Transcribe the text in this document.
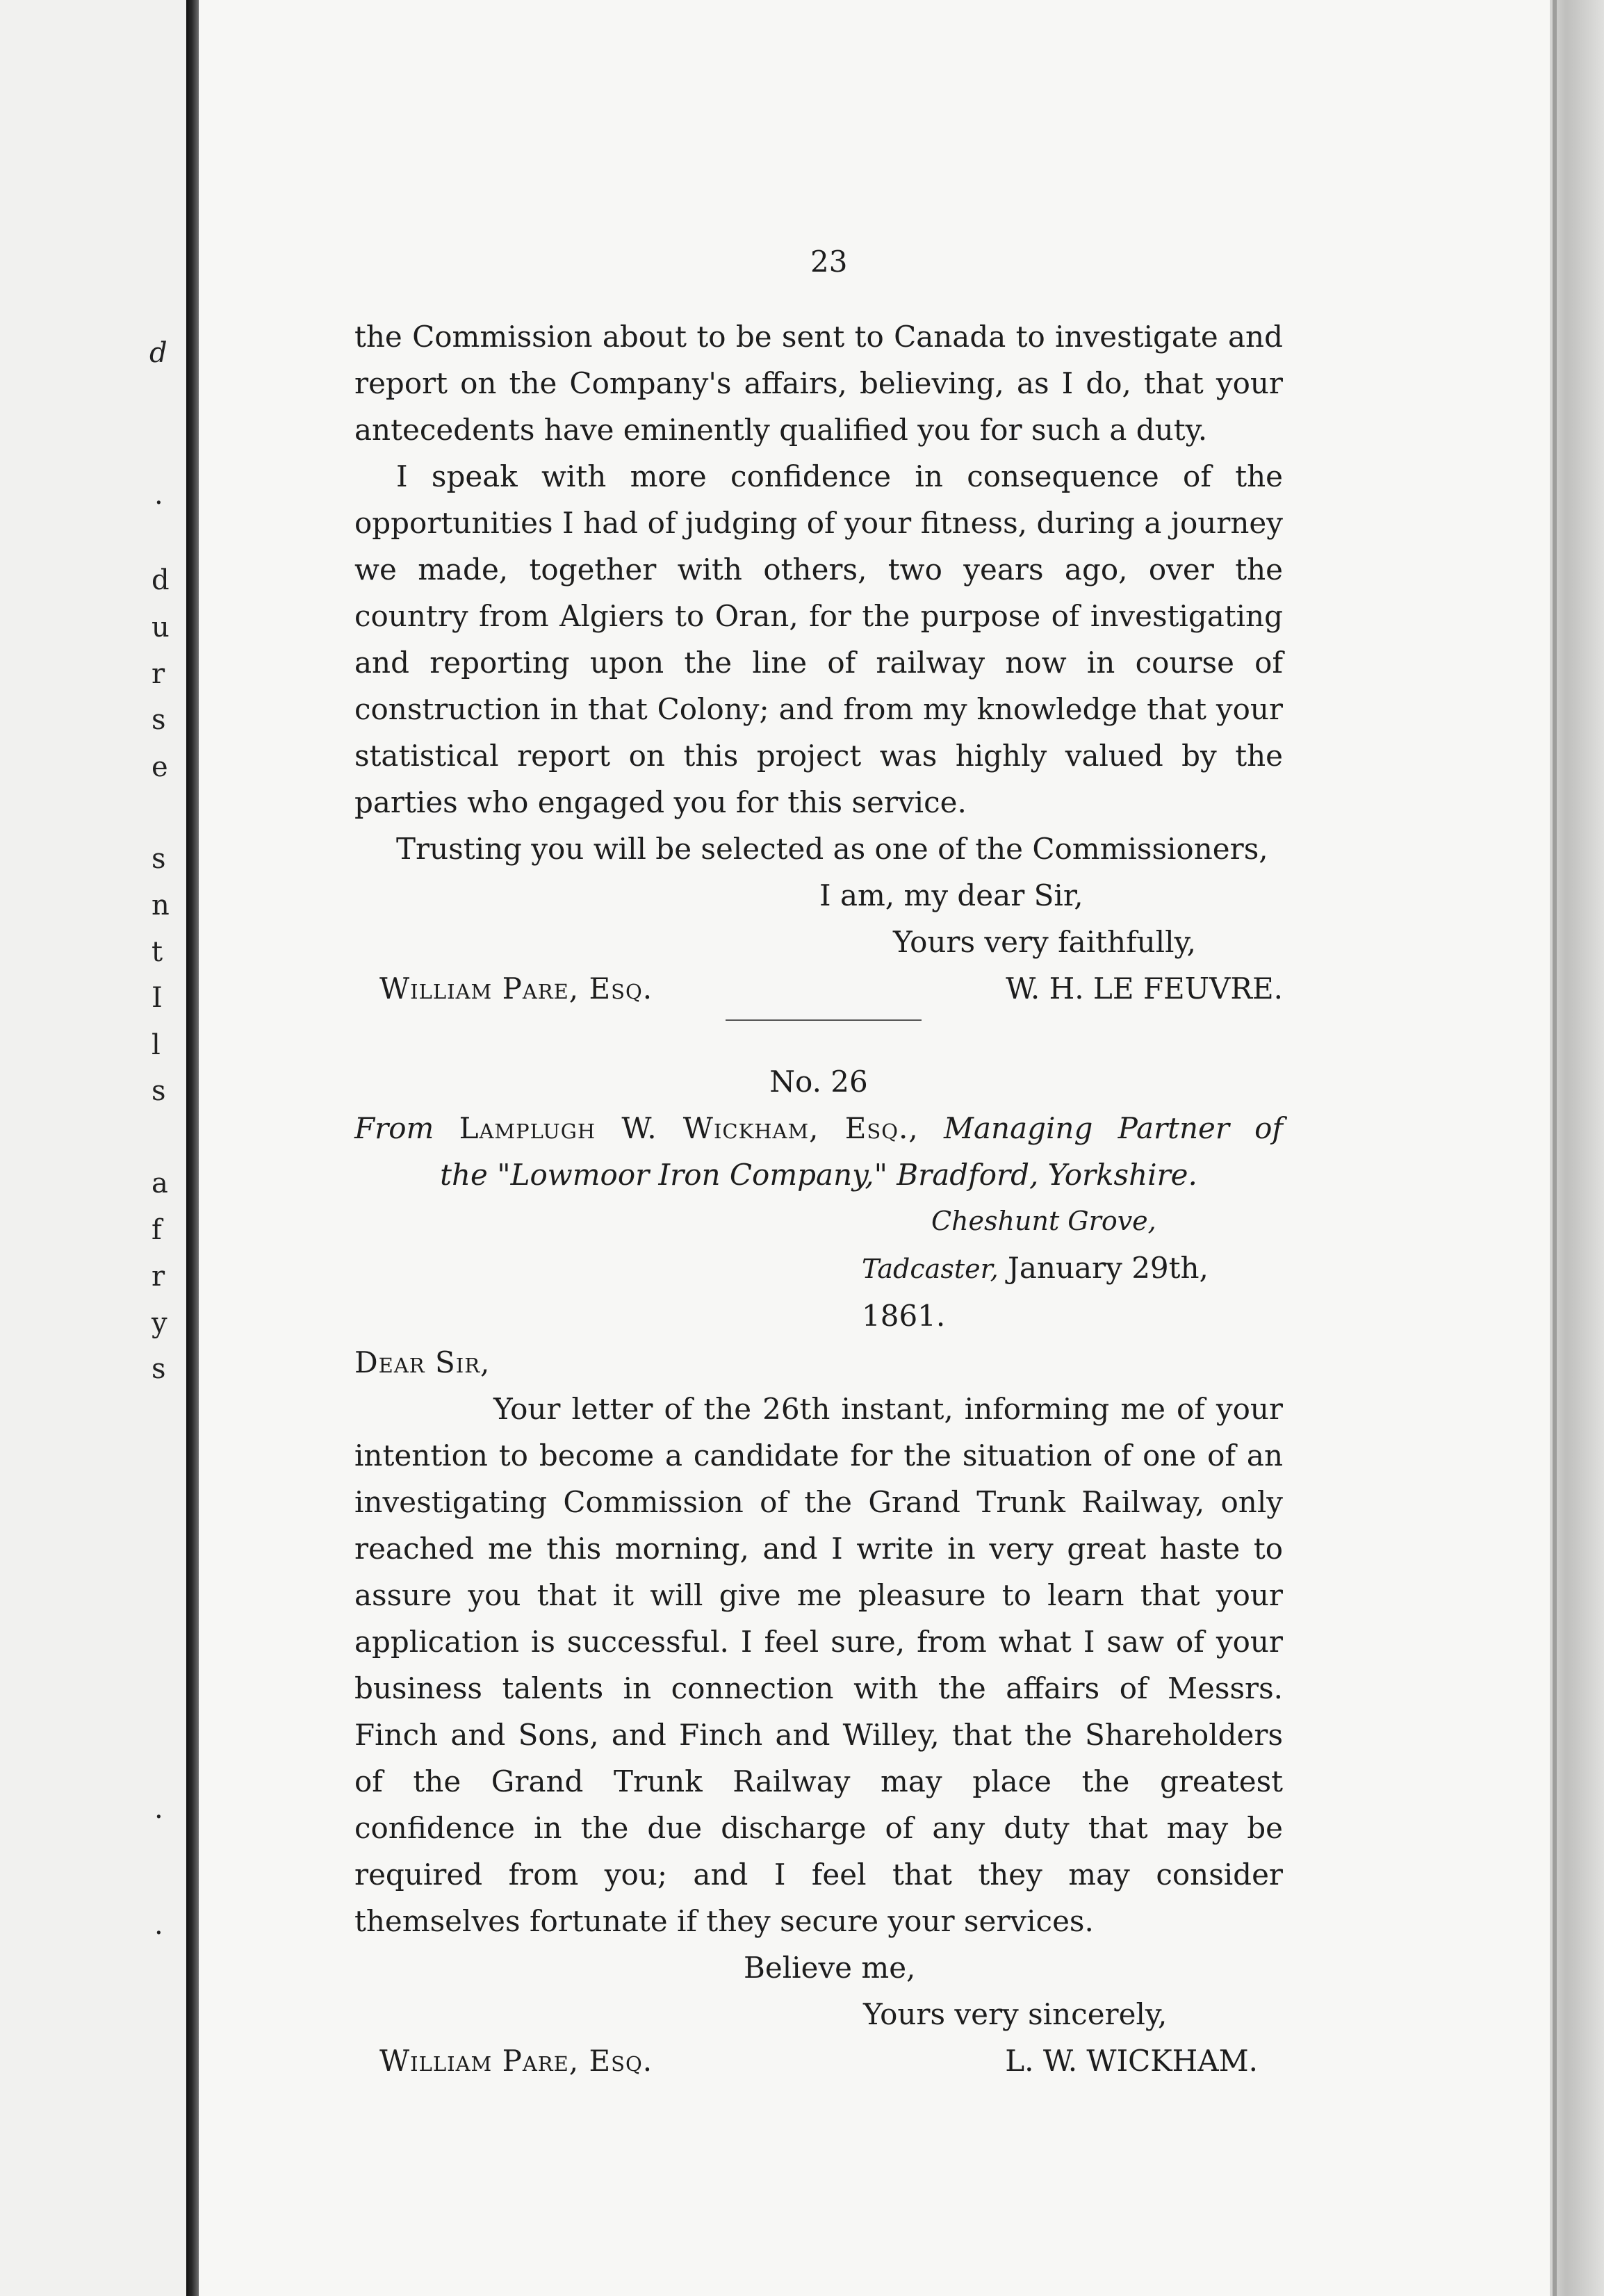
d
.
d
u
r
s
e
s
n
t
I
l
s
a
f
r
y
s
.
.
23

the Commission about to be sent to Canada to investigate and report on the Company's affairs, believing, as I do, that your antecedents have eminently qualified you for such a duty.

I speak with more confidence in consequence of the opportunities I had of judging of your fitness, during a journey we made, together with others, two years ago, over the country from Algiers to Oran, for the purpose of investigating and reporting upon the line of railway now in course of construction in that Colony; and from my knowledge that your statistical report on this project was highly valued by the parties who engaged you for this service.

Trusting you will be selected as one of the Commissioners,

I am, my dear Sir,
Yours very faithfully,
William Pare, Esq.	W. H. LE FEUVRE.
No. 26
From Lamplugh W. Wickham, Esq., Managing Partner of
the "Lowmoor Iron Company," Bradford, Yorkshire.
Cheshunt Grove,
Tadcaster, January 29th, 1861.
Dear Sir,

Your letter of the 26th instant, informing me of your intention to become a candidate for the situation of one of an investigating Commission of the Grand Trunk Railway, only reached me this morning, and I write in very great haste to assure you that it will give me pleasure to learn that your application is successful. I feel sure, from what I saw of your business talents in connection with the affairs of Messrs. Finch and Sons, and Finch and Willey, that the Shareholders of the Grand Trunk Railway may place the greatest confidence in the due discharge of any duty that may be required from you; and I feel that they may consider themselves fortunate if they secure your services.

Believe me,
Yours very sincerely,
William Pare, Esq.	L. W. WICKHAM.
